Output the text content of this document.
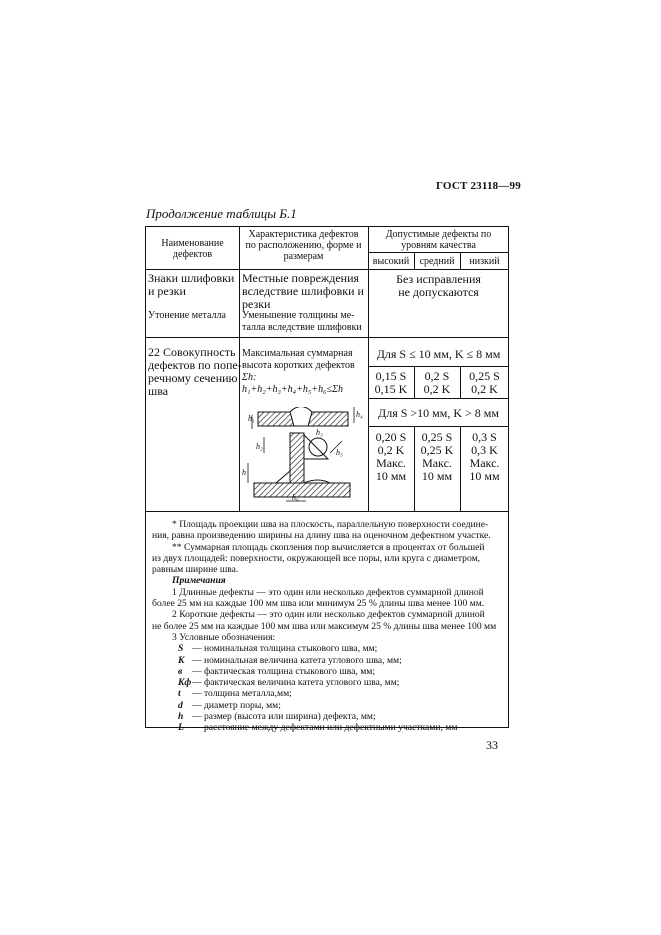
ГОСТ 23118—99
Продолжение таблицы Б.1
Наименование
дефектов
Характеристика дефектов
по расположению, форме и
размерам
Допустимые дефекты по
уровням качества
высокий	средний	низкий
Знаки шлифовки
и резки
Местные повреждения
вследствие шлифовки и
резки
Утонение металла Уменьшение толщины ме-
талла вследствие шлифовки
Без исправления
не допускаются
22 Совокупность
дефектов по попе-
речному сечению
шва
Максимальная суммарная
высота коротких дефектов
Σh:
h₁+h₂+h₃+h₄+h₅+h₆≤Σh
Для S ≤ 10 мм, K ≤ 8 мм
0,15 S
0,15 K
0,2 S
0,2 K
0,25 S
0,2 K
Для S >10 мм, K > 8 мм
0,20 S
0,2 K
Макс.
10 мм
0,25 S
0,25 K
Макс.
10 мм
0,3 S
0,3 K
Макс.
10 мм
h₁
h₂
h
h₄
h₅
h₆
h₃
* Площадь проекции шва на плоскость, параллельную поверхности соедине-
ния, равна произведению ширины на длину шва на оценочном дефектном участке.
** Суммарная площадь скопления пор вычисляется в процентах от большей
из двух площадей: поверхности, окружающей все поры, или круга с диаметром,
равным ширине шва.
Примечания
1 Длинные дефекты — это один или несколько дефектов суммарной длиной
более 25 мм на каждые 100 мм шва или минимум 25 % длины шва менее 100 мм.
2 Короткие дефекты — это один или несколько дефектов суммарной длиной
не более 25 мм на каждые 100 мм шва или максимум 25 % длины шва менее 100 мм
3 Условные обозначения:
S — номинальная толщина стыкового шва, мм;
K — номинальная величина катета углового шва, мм;
в — фактическая толщина стыкового шва, мм;
Kф— фактическая величина катета углового шва, мм;
t — толщина металла,мм;
d — диаметр поры, мм;
h — размер (высота или ширина) дефекта, мм;
L — расстояние между дефектами или дефектными участками, мм
33
